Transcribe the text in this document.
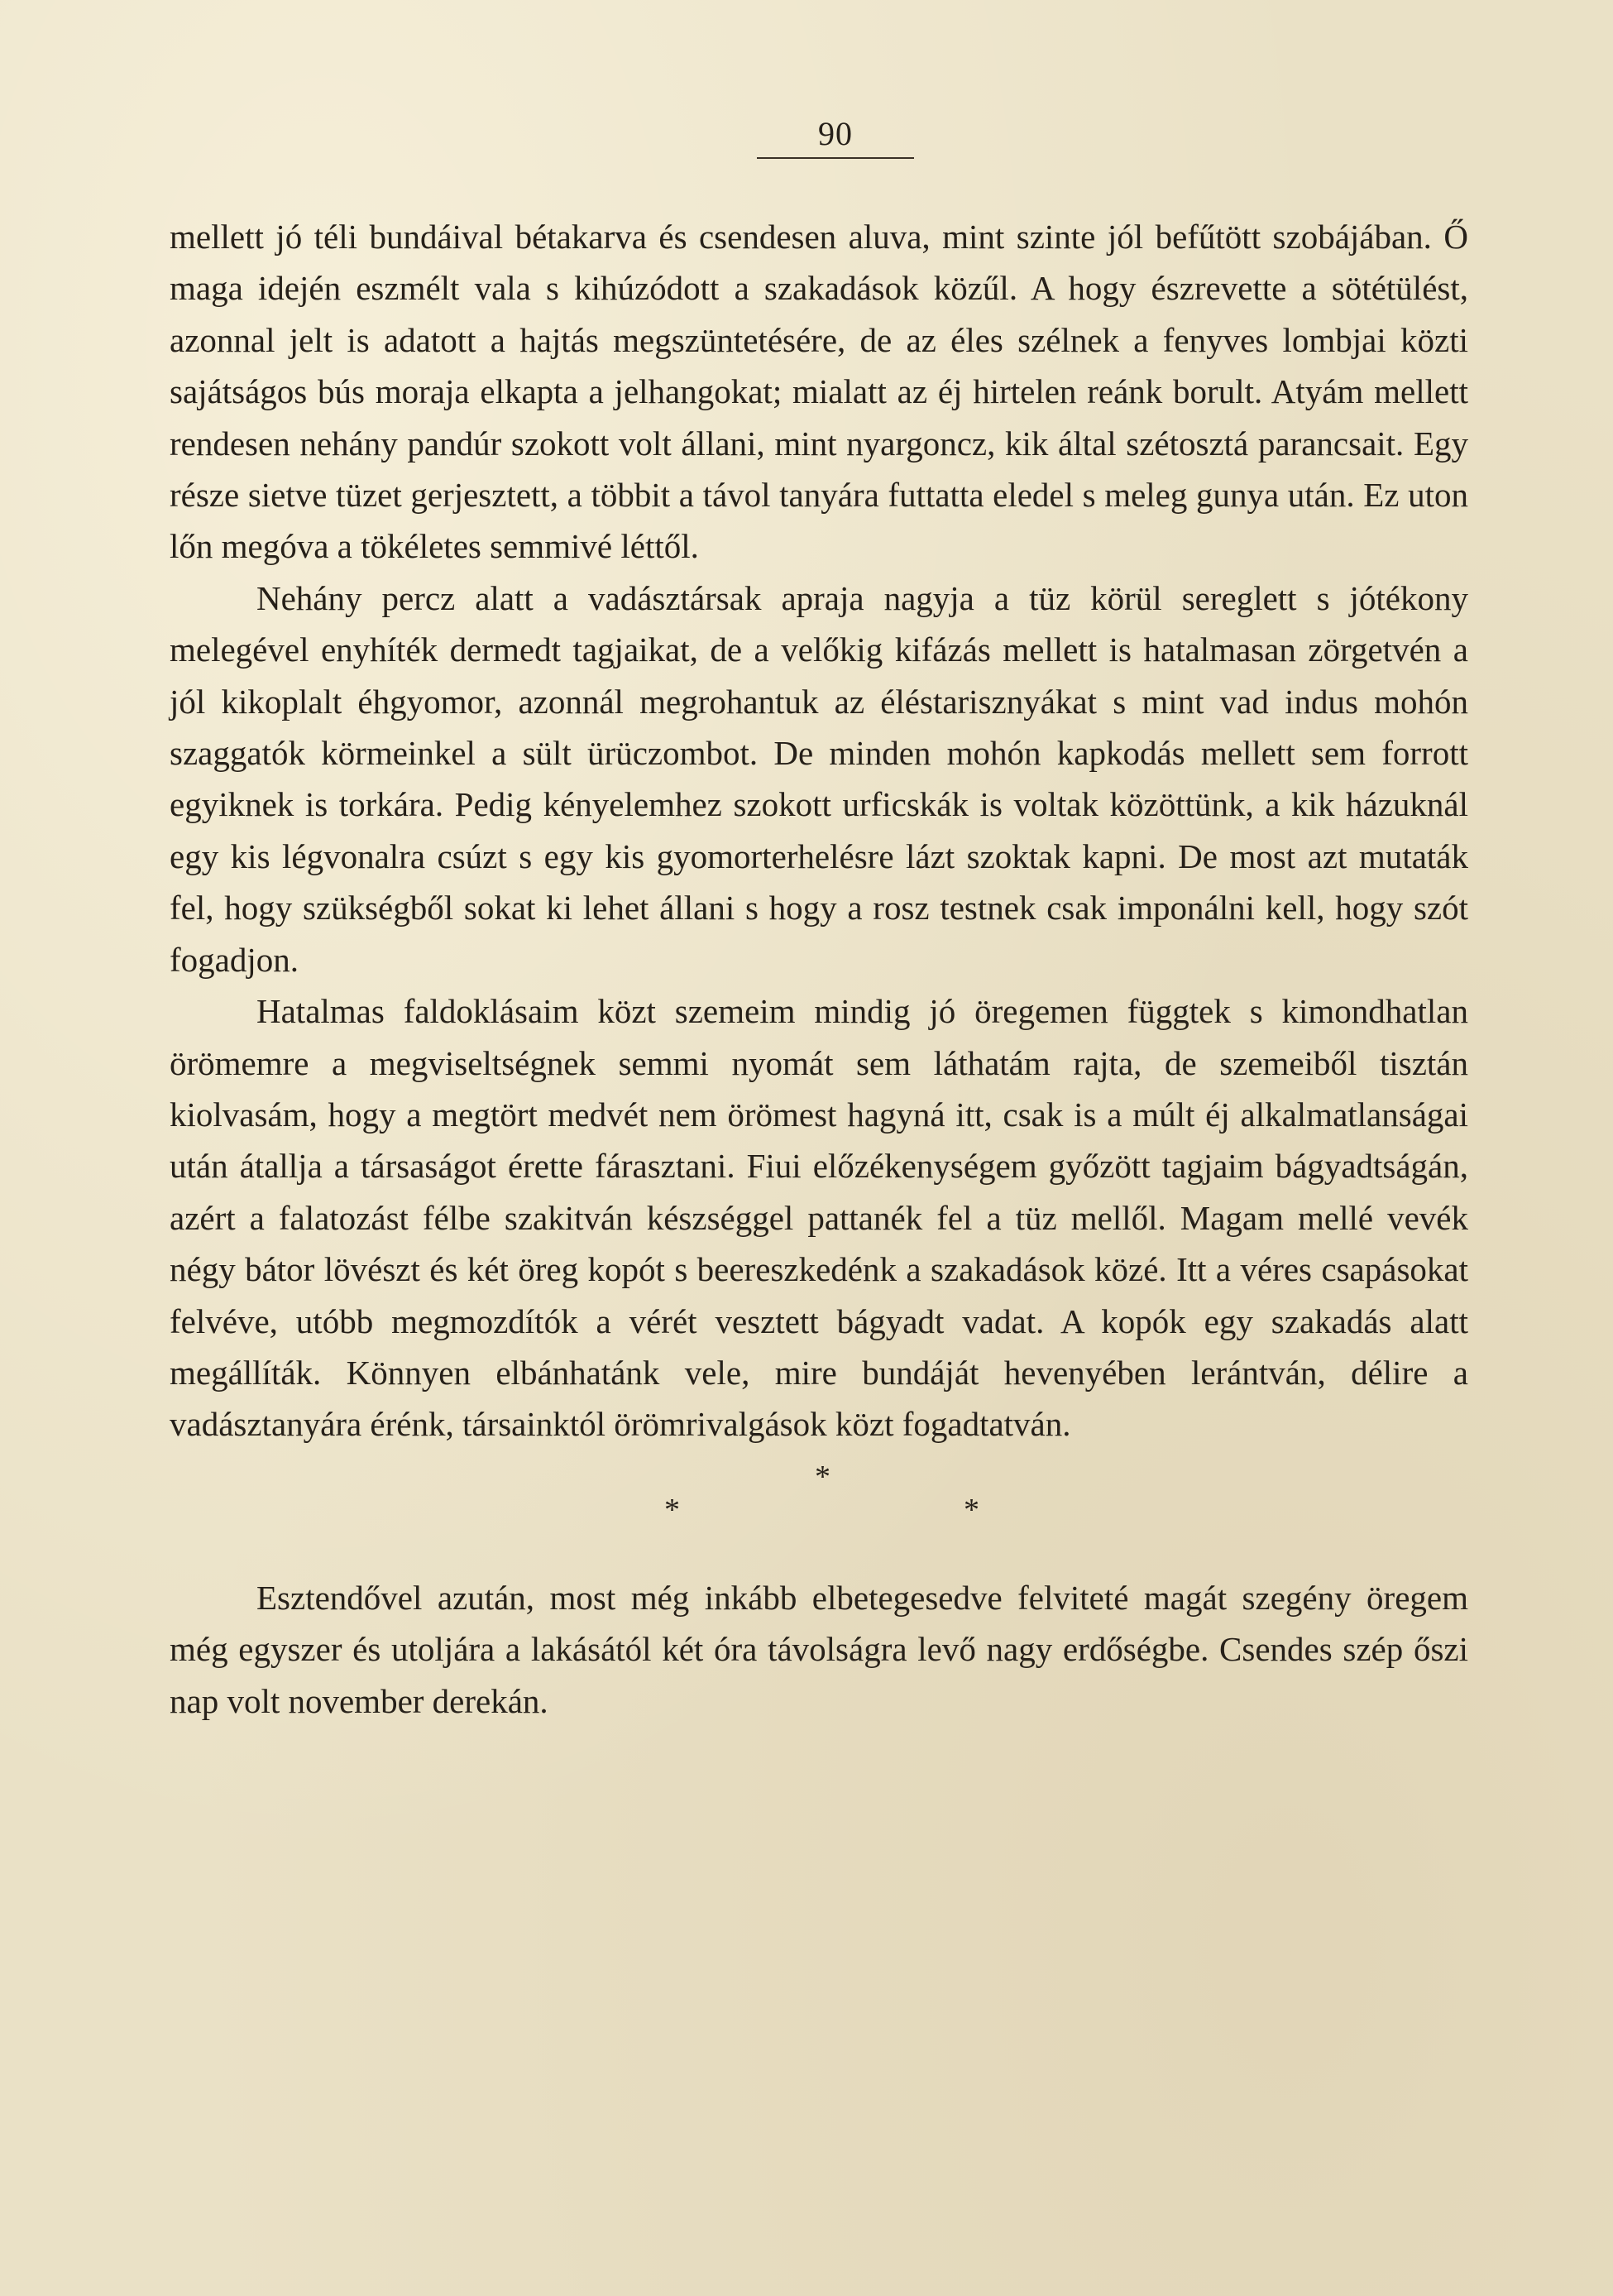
90

mellett jó téli bundáival bétakarva és csendesen aluva, mint szinte jól befűtött szobájában. Ő maga idején eszmélt vala s kihúzódott a szakadások közűl. A hogy észrevette a sötétülést, azonnal jelt is adatott a hajtás megszüntetésére, de az éles szélnek a fenyves lombjai közti sajátságos bús moraja elkapta a jelhangokat; mialatt az éj hirtelen reánk borult. Atyám mellett rendesen nehány pandúr szokott volt állani, mint nyargoncz, kik által szétosztá parancsait. Egy része sietve tüzet gerjesztett, a többit a távol tanyára futtatta eledel s meleg gunya után. Ez uton lőn megóva a tökéletes semmivé léttől.

Nehány percz alatt a vadásztársak apraja nagyja a tüz körül sereglett s jótékony melegével enyhíték dermedt tagjaikat, de a velőkig kifázás mellett is hatalmasan zörgetvén a jól kikoplalt éhgyomor, azonnál megrohantuk az éléstarisznyákat s mint vad indus mohón szaggatók körmeinkel a sült ürüczombot. De minden mohón kapkodás mellett sem forrott egyiknek is torkára. Pedig kényelemhez szokott urficskák is voltak közöttünk, a kik házuknál egy kis légvonalra csúzt s egy kis gyomorterhelésre lázt szoktak kapni. De most azt mutaták fel, hogy szükségből sokat ki lehet állani s hogy a rosz testnek csak imponálni kell, hogy szót fogadjon.

Hatalmas faldoklásaim közt szemeim mindig jó öregemen függtek s kimondhatlan örömemre a megviseltségnek semmi nyomát sem láthatám rajta, de szemeiből tisztán kiolvasám, hogy a megtört medvét nem örömest hagyná itt, csak is a múlt éj alkalmatlanságai után átallja a társaságot érette fárasztani. Fiui előzékenységem győzött tagjaim bágyadtságán, azért a falatozást félbe szakitván készséggel pattanék fel a tüz mellől. Magam mellé vevék négy bátor lövészt és két öreg kopót s beereszkedénk a szakadások közé. Itt a véres csapásokat felvéve, utóbb megmozdítók a vérét vesztett bágyadt vadat. A kopók egy szakadás alatt megállíták. Könnyen elbánhatánk vele, mire bundáját hevenyében lerántván, délire a vadásztanyára érénk, társainktól örömrivalgások közt fogadtatván.

*
*	*

Esztendővel azután, most még inkább elbetegesedve felviteté magát szegény öregem még egyszer és utoljára a lakásától két óra távolságra levő nagy erdőségbe. Csendes szép őszi nap volt november derekán.
